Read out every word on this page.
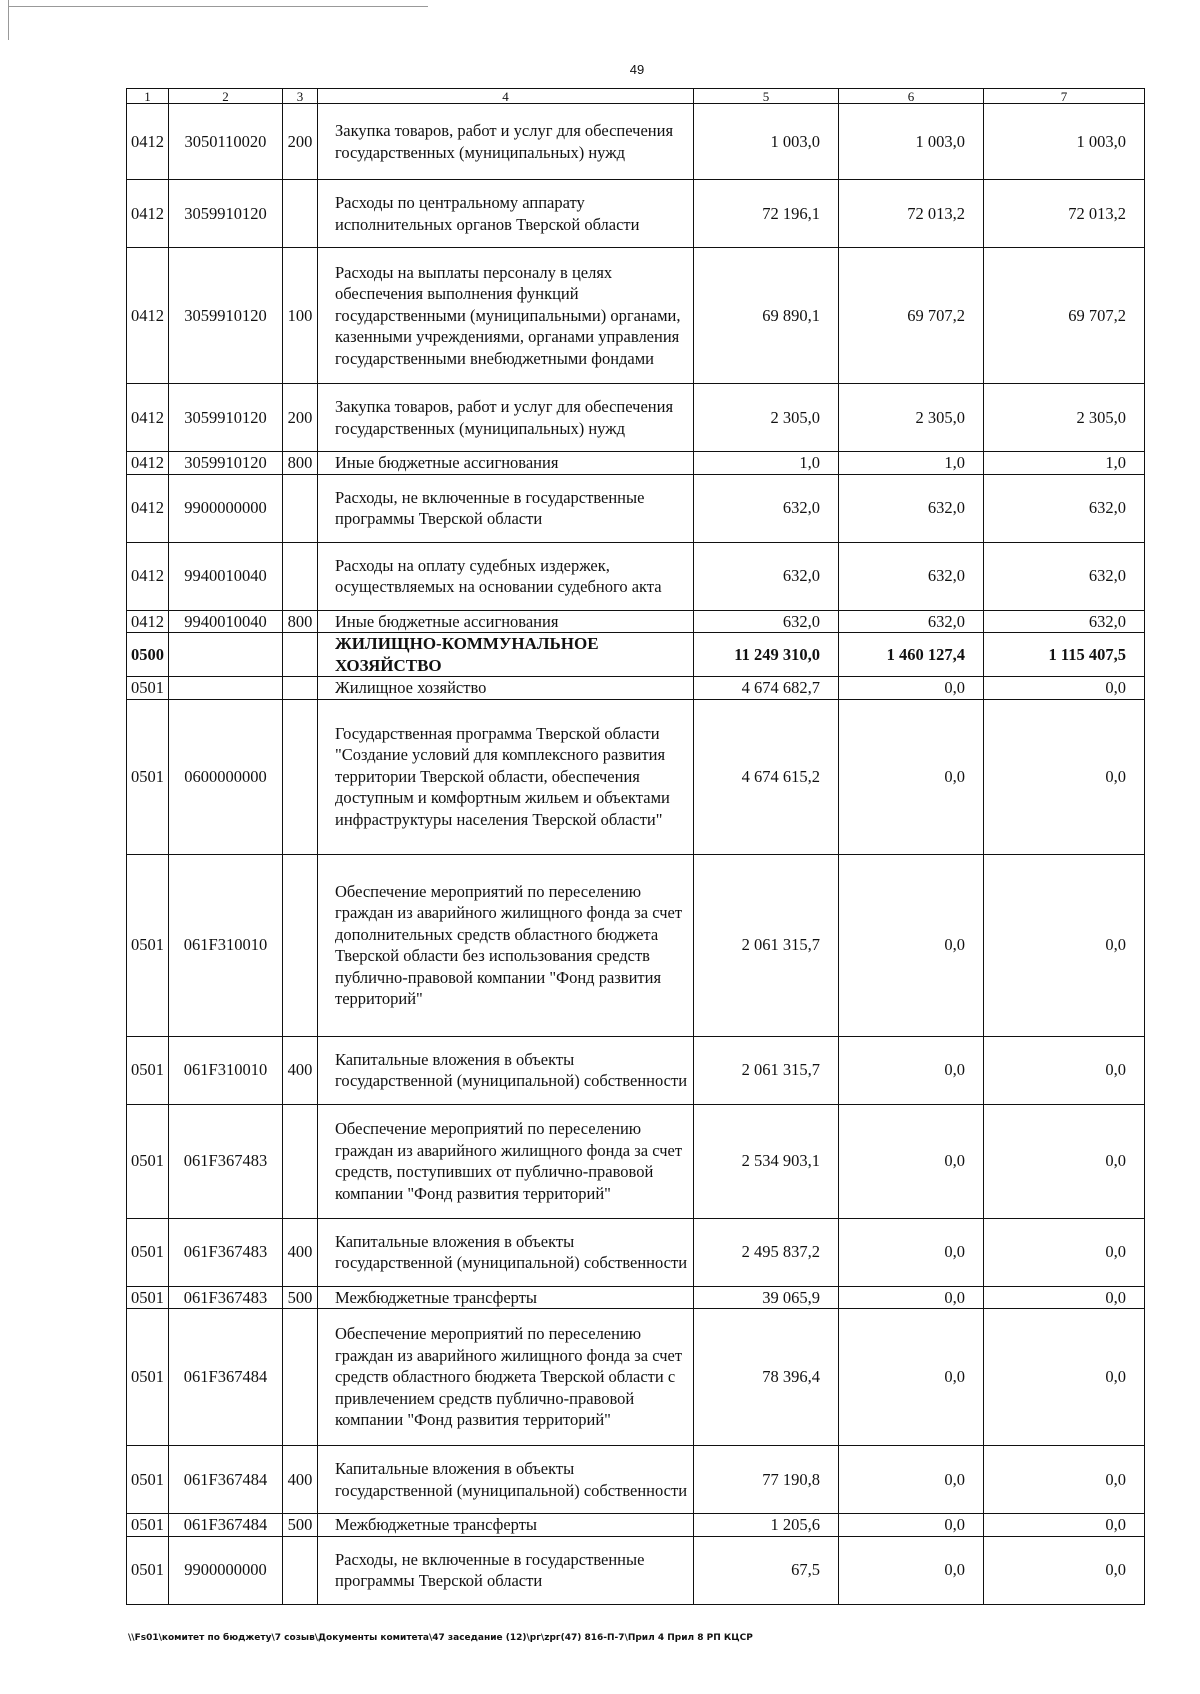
49
1	2	3	4	5	6	7
0412	3050110020	200	Закупка товаров, работ и услуг для обеспечения государственных (муниципальных) нужд	1 003,0	1 003,0	1 003,0
0412	3059910120		Расходы по центральному аппарату исполнительных органов Тверской области	72 196,1	72 013,2	72 013,2
0412	3059910120	100	Расходы на выплаты персоналу в целях обеспечения выполнения функций государственными (муниципальными) органами, казенными учреждениями, органами управления государственными внебюджетными фондами	69 890,1	69 707,2	69 707,2
0412	3059910120	200	Закупка товаров, работ и услуг для обеспечения государственных (муниципальных) нужд	2 305,0	2 305,0	2 305,0
0412	3059910120	800	Иные бюджетные ассигнования	1,0	1,0	1,0
0412	9900000000		Расходы, не включенные в государственные программы Тверской области	632,0	632,0	632,0
0412	9940010040		Расходы на оплату судебных издержек, осуществляемых на основании судебного акта	632,0	632,0	632,0
0412	9940010040	800	Иные бюджетные ассигнования	632,0	632,0	632,0
0500			ЖИЛИЩНО-КОММУНАЛЬНОЕ ХОЗЯЙСТВО	11 249 310,0	1 460 127,4	1 115 407,5
0501			Жилищное хозяйство	4 674 682,7	0,0	0,0
0501	0600000000		Государственная программа Тверской области "Создание условий для комплексного развития территории Тверской области, обеспечения доступным и комфортным жильем и объектами инфраструктуры населения Тверской области"	4 674 615,2	0,0	0,0
0501	061F310010		Обеспечение мероприятий по переселению граждан из аварийного жилищного фонда за счет дополнительных средств областного бюджета Тверской области без использования средств публично-правовой компании "Фонд развития территорий"	2 061 315,7	0,0	0,0
0501	061F310010	400	Капитальные вложения в объекты государственной (муниципальной) собственности	2 061 315,7	0,0	0,0
0501	061F367483		Обеспечение мероприятий по переселению граждан из аварийного жилищного фонда за счет средств, поступивших от публично-правовой компании "Фонд развития территорий"	2 534 903,1	0,0	0,0
0501	061F367483	400	Капитальные вложения в объекты государственной (муниципальной) собственности	2 495 837,2	0,0	0,0
0501	061F367483	500	Межбюджетные трансферты	39 065,9	0,0	0,0
0501	061F367484		Обеспечение мероприятий по переселению граждан из аварийного жилищного фонда за счет средств областного бюджета Тверской области с привлечением средств публично-правовой компании "Фонд развития территорий"	78 396,4	0,0	0,0
0501	061F367484	400	Капитальные вложения в объекты государственной (муниципальной) собственности	77 190,8	0,0	0,0
0501	061F367484	500	Межбюджетные трансферты	1 205,6	0,0	0,0
0501	9900000000		Расходы, не включенные в государственные программы Тверской области	67,5	0,0	0,0
\\Fs01\комитет по бюджету\7 созыв\Документы комитета\47 заседание (12)\рг\zрг(47) 816-П-7\Прил 4 Прил 8 РП КЦСР
